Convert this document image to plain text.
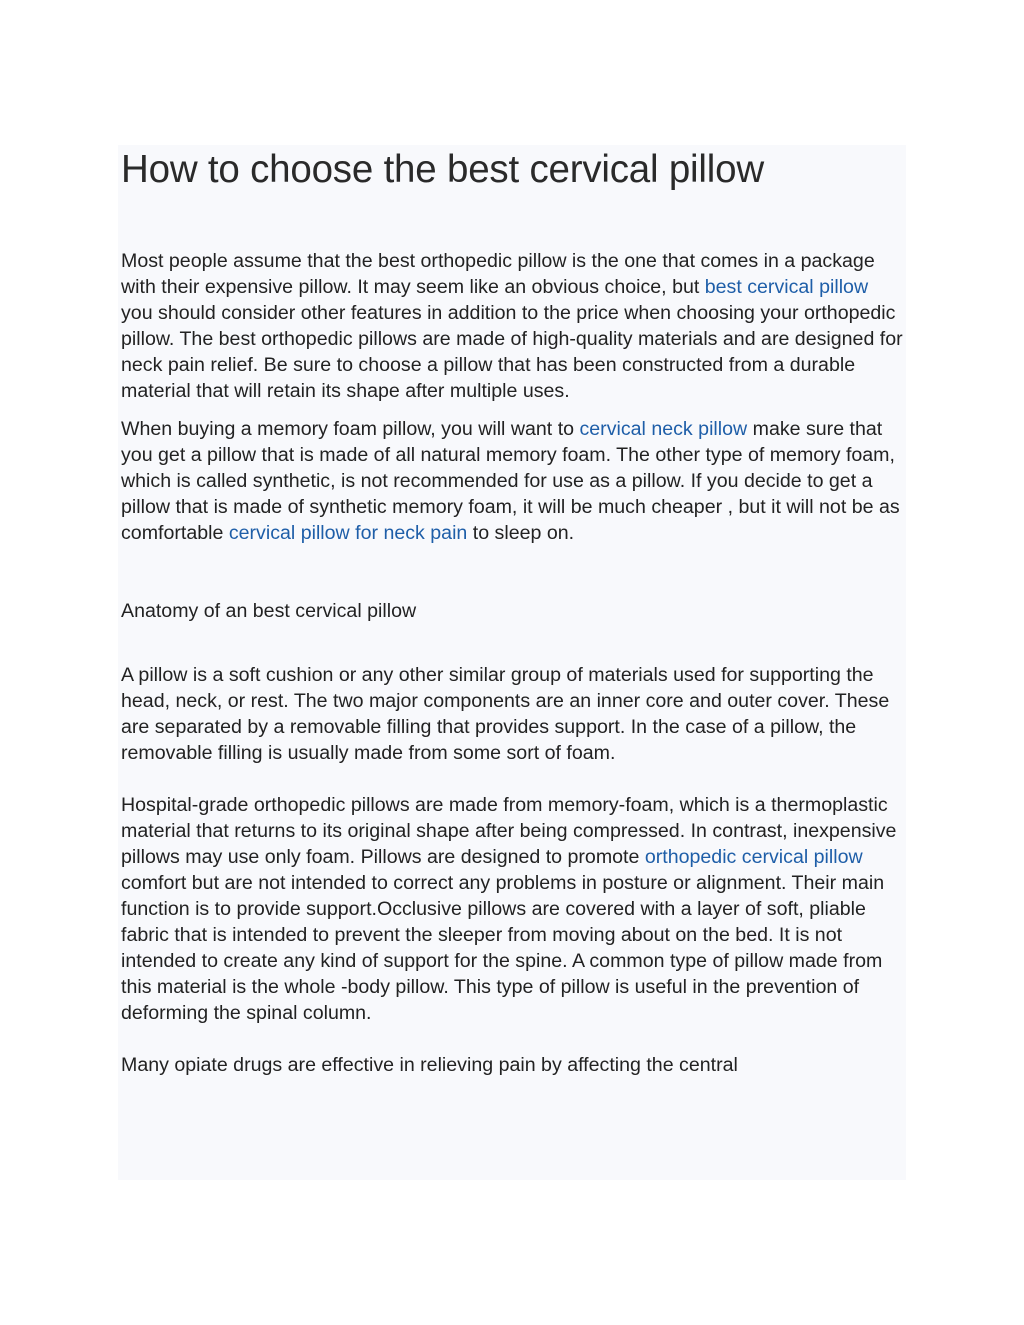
How to choose the best cervical pillow

Most people assume that the best orthopedic pillow is the one that comes in a package with their expensive pillow. It may seem like an obvious choice, but best cervical pillow you should consider other features in addition to the price when choosing your orthopedic pillow. The best orthopedic pillows are made of high-quality materials and are designed for neck pain relief. Be sure to choose a pillow that has been constructed from a durable material that will retain its shape after multiple uses.

When buying a memory foam pillow, you will want to cervical neck pillow make sure that you get a pillow that is made of all natural memory foam. The other type of memory foam, which is called synthetic, is not recommended for use as a pillow. If you decide to get a pillow that is made of synthetic memory foam, it will be much cheaper , but it will not be as comfortable cervical pillow for neck pain to sleep on.

Anatomy of an best cervical pillow

A pillow is a soft cushion or any other similar group of materials used for supporting the head, neck, or rest. The two major components are an inner core and outer cover. These are separated by a removable filling that provides support. In the case of a pillow, the removable filling is usually made from some sort of foam.

Hospital-grade orthopedic pillows are made from memory-foam, which is a thermoplastic material that returns to its original shape after being compressed. In contrast, inexpensive pillows may use only foam. Pillows are designed to promote orthopedic cervical pillow comfort but are not intended to correct any problems in posture or alignment. Their main function is to provide support.Occlusive pillows are covered with a layer of soft, pliable fabric that is intended to prevent the sleeper from moving about on the bed. It is not intended to create any kind of support for the spine. A common type of pillow made from this material is the whole -body pillow. This type of pillow is useful in the prevention of deforming the spinal column.

Many opiate drugs are effective in relieving pain by affecting the central
